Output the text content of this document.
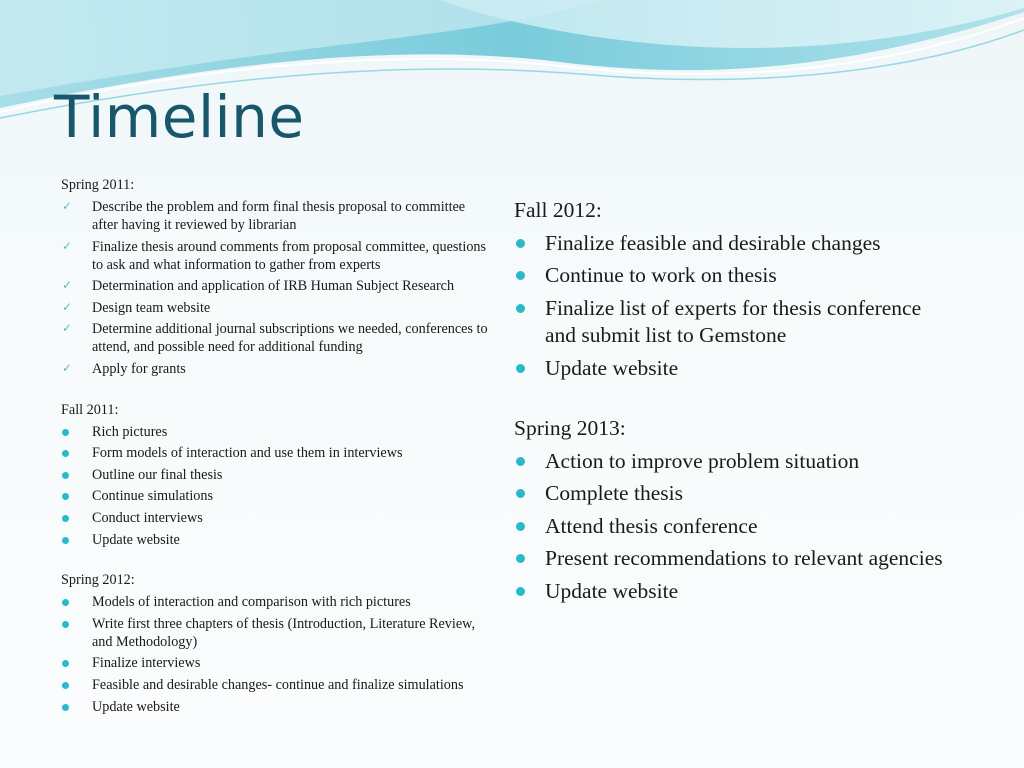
Timeline

Spring 2011:

✓ Describe the problem and form final thesis proposal to committee after having it reviewed by librarian
✓ Finalize thesis around comments from proposal committee, questions to ask and what information to gather from experts
✓ Determination and application of IRB Human Subject Research
✓ Design team website
✓ Determine additional journal subscriptions we needed, conferences to attend, and possible need for additional funding
✓ Apply for grants

Fall 2011:

Rich pictures
Form models of interaction and use them in interviews
Outline our final thesis
Continue simulations
Conduct interviews
Update website

Spring 2012:

Models of interaction and comparison with rich pictures
Write first three chapters of thesis (Introduction, Literature Review, and Methodology)
Finalize interviews
Feasible and desirable changes- continue and finalize simulations
Update website

Fall 2012:

Finalize feasible and desirable changes
Continue to work on thesis
Finalize list of experts for thesis conference and submit list to Gemstone
Update website

Spring 2013:

Action to improve problem situation
Complete thesis
Attend thesis conference
Present recommendations to relevant agencies
Update website
